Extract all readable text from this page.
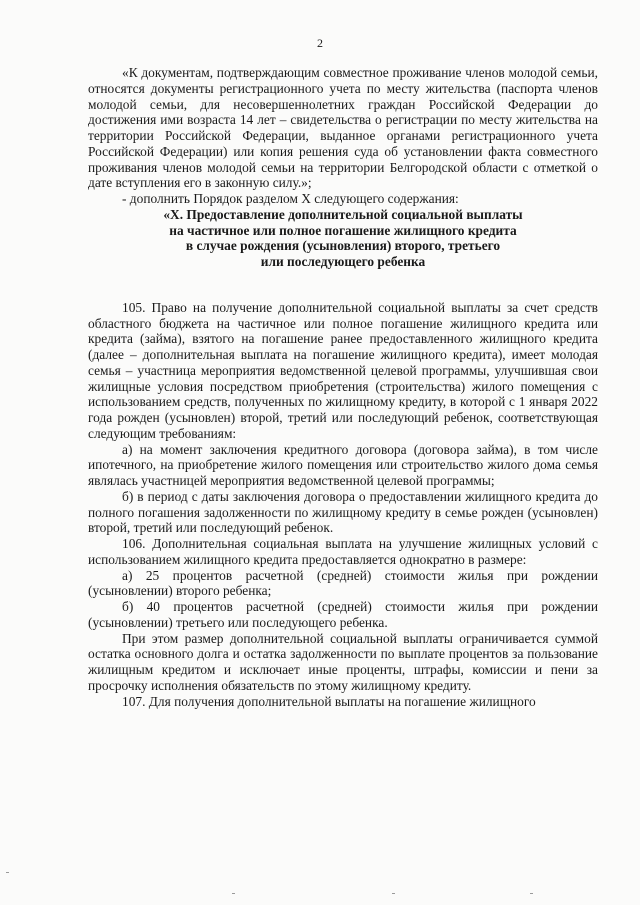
2

«К документам, подтверждающим совместное проживание членов молодой семьи, относятся документы регистрационного учета по месту жительства (паспорта членов молодой семьи, для несовершеннолетних граждан Российской Федерации до достижения ими возраста 14 лет – свидетельства о регистрации по месту жительства на территории Российской Федерации, выданное органами регистрационного учета Российской Федерации) или копия решения суда об установлении факта совместного проживания членов молодой семьи на территории Белгородской области с отметкой о дате вступления его в законную силу.»;

- дополнить Порядок разделом X следующего содержания:

«X. Предоставление дополнительной социальной выплаты
на частичное или полное погашение жилищного кредита
в случае рождения (усыновления) второго, третьего
или последующего ребенка

105. Право на получение дополнительной социальной выплаты за счет средств областного бюджета на частичное или полное погашение жилищного кредита или кредита (займа), взятого на погашение ранее предоставленного жилищного кредита (далее – дополнительная выплата на погашение жилищного кредита), имеет молодая семья – участница мероприятия ведомственной целевой программы, улучшившая свои жилищные условия посредством приобретения (строительства) жилого помещения с использованием средств, полученных по жилищному кредиту, в которой с 1 января 2022 года рожден (усыновлен) второй, третий или последующий ребенок, соответствующая следующим требованиям:

а) на момент заключения кредитного договора (договора займа), в том числе ипотечного, на приобретение жилого помещения или строительство жилого дома семья являлась участницей мероприятия ведомственной целевой программы;

б) в период с даты заключения договора о предоставлении жилищного кредита до полного погашения задолженности по жилищному кредиту в семье рожден (усыновлен) второй, третий или последующий ребенок.

106. Дополнительная социальная выплата на улучшение жилищных условий с использованием жилищного кредита предоставляется однократно в размере:

а) 25 процентов расчетной (средней) стоимости жилья при рождении (усыновлении) второго ребенка;

б) 40 процентов расчетной (средней) стоимости жилья при рождении (усыновлении) третьего или последующего ребенка.

При этом размер дополнительной социальной выплаты ограничивается суммой остатка основного долга и остатка задолженности по выплате процентов за пользование жилищным кредитом и исключает иные проценты, штрафы, комиссии и пени за просрочку исполнения обязательств по этому жилищному кредиту.

107. Для получения дополнительной выплаты на погашение жилищного
